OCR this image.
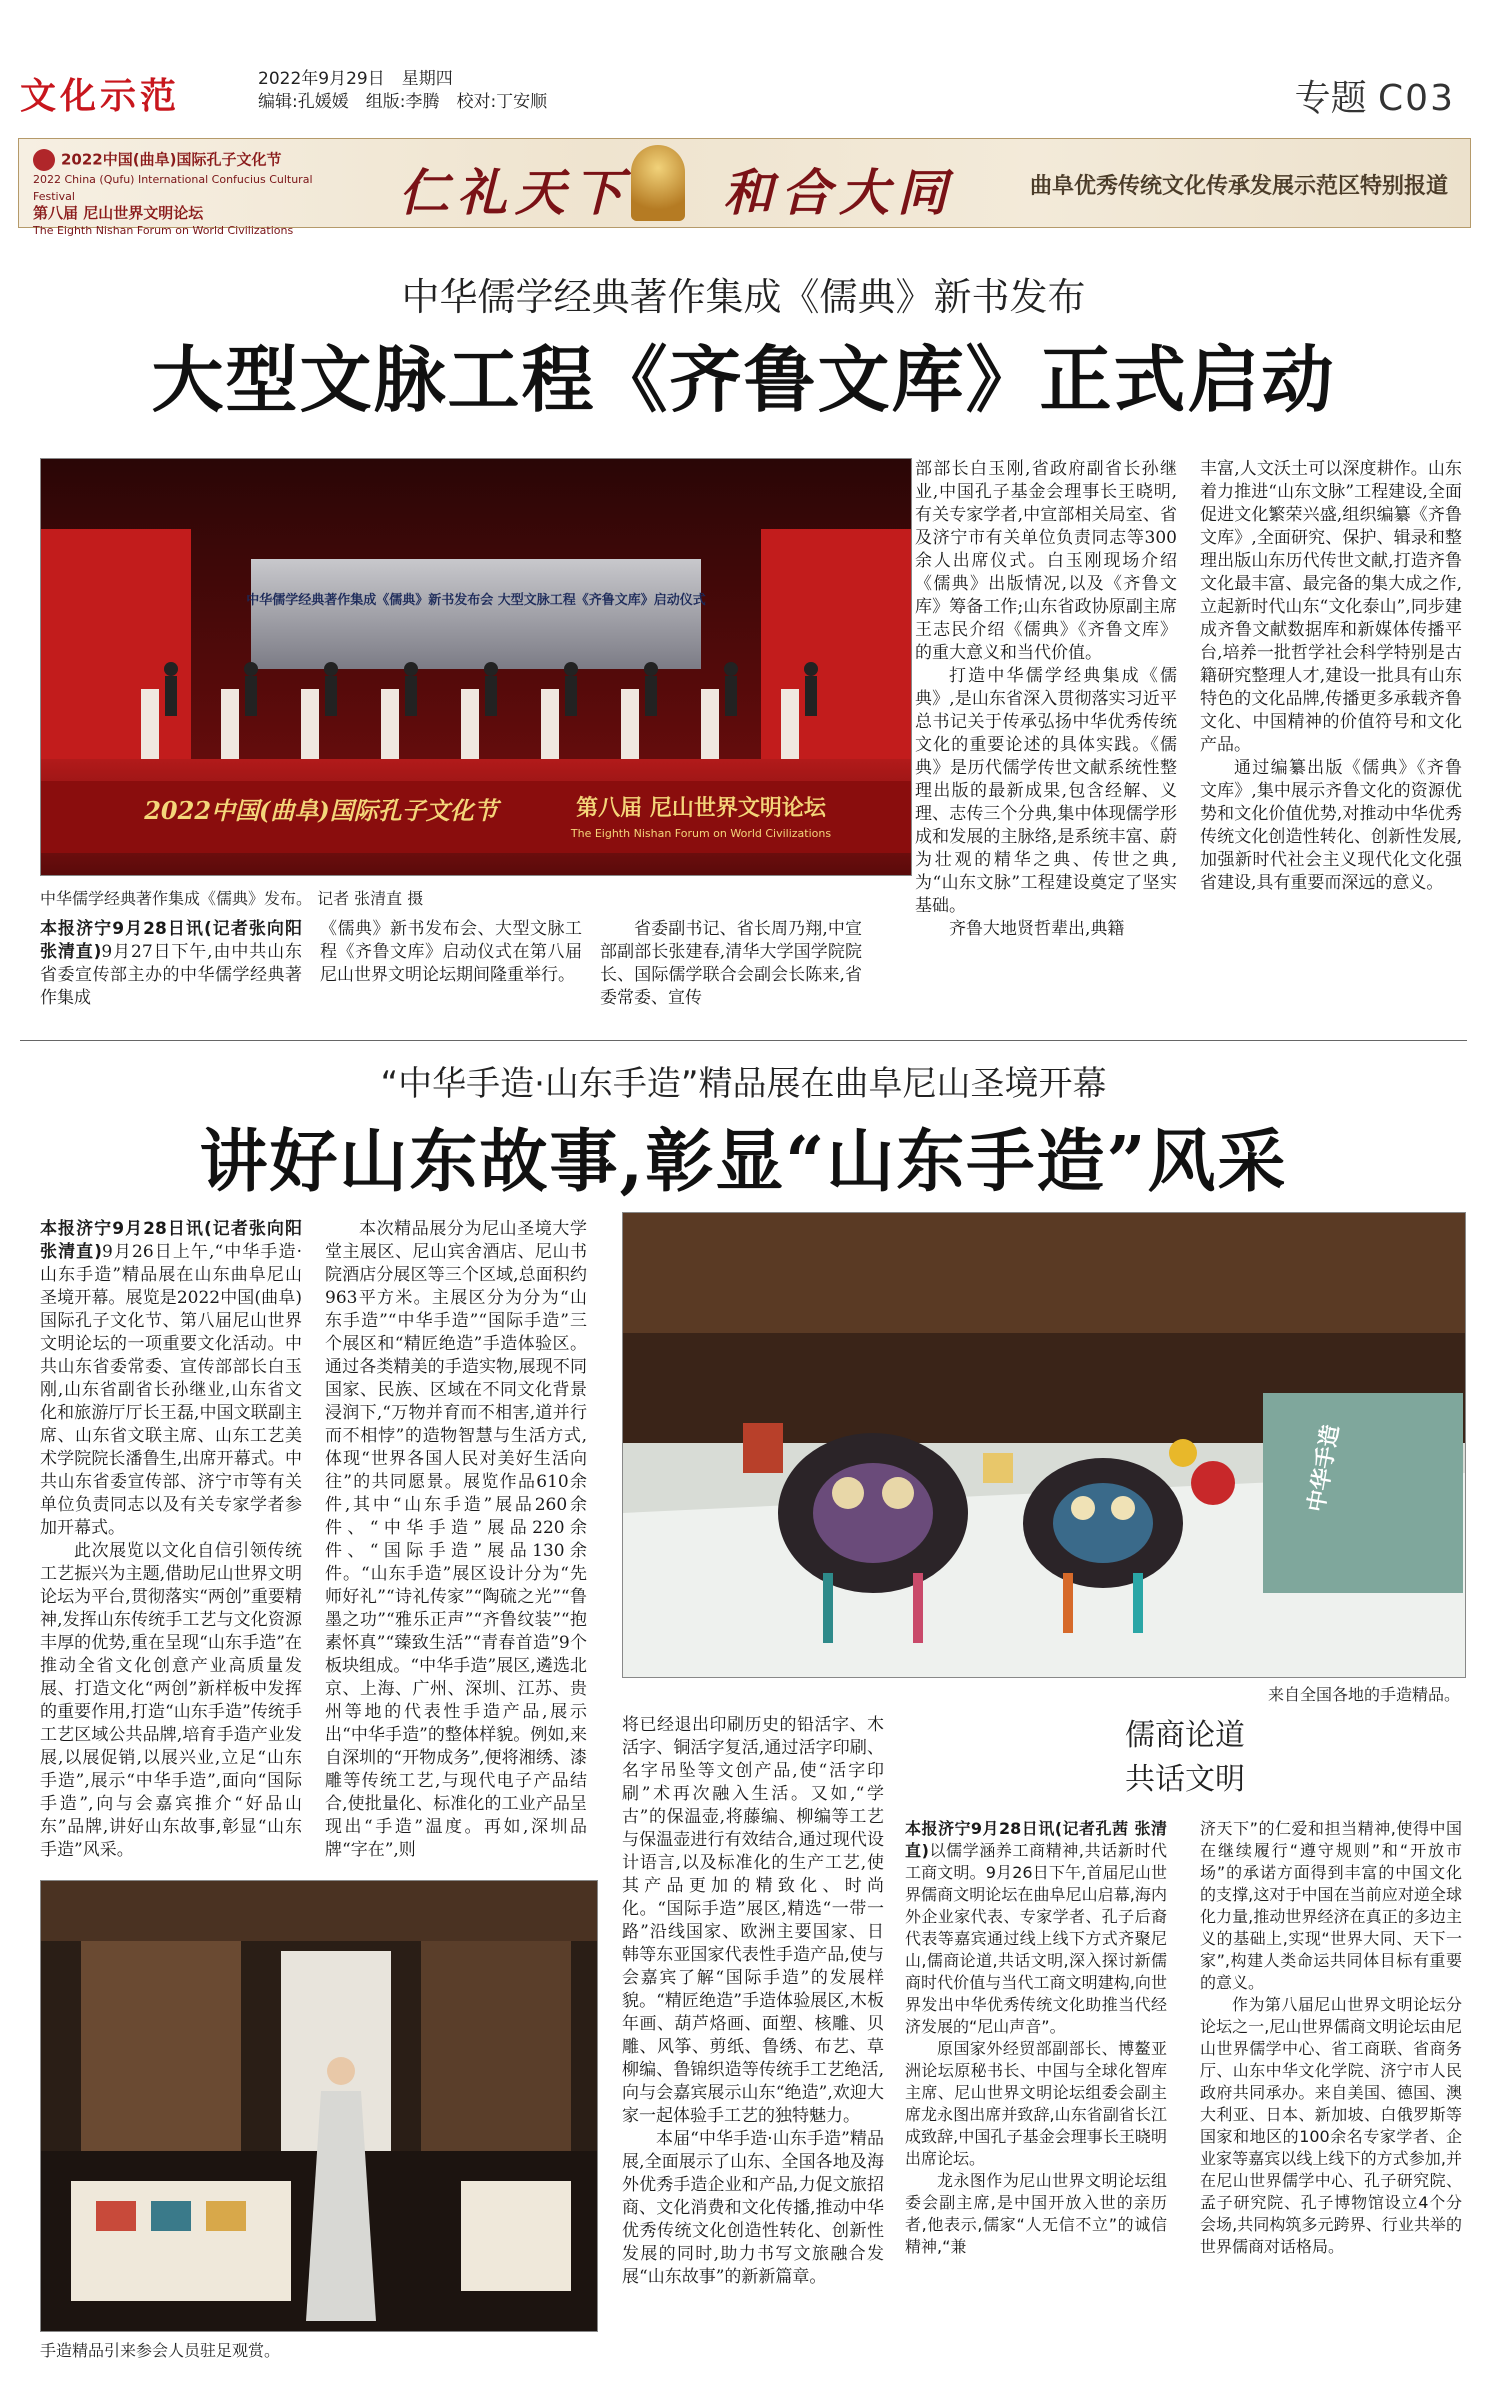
文化示范	2022年9月29日　星期四
编辑:孔媛媛　组版:李腾　校对:丁安顺	专题 C03
2022中国(曲阜)国际孔子文化节
2022 China (Qufu) International Confucius Cultural Festival
第八届 尼山世界文明论坛
The Eighth Nishan Forum on World Civilizations
仁礼天下 和合大同	曲阜优秀传统文化传承发展示范区特别报道
中华儒学经典著作集成《儒典》新书发布
大型文脉工程《齐鲁文库》正式启动
中华儒学经典著作集成《儒典》新书发布会 大型文脉工程《齐鲁文库》启动仪式
2022中国(曲阜)国际孔子文化节	第八届 尼山世界文明论坛
The Eighth Nishan Forum on World Civilizations
中华儒学经典著作集成《儒典》发布。 记者 张清直 摄

本报济宁9月28日讯(记者张向阳 张清直)9月27日下午,由中共山东省委宣传部主办的中华儒学经典著作集成

《儒典》新书发布会、大型文脉工程《齐鲁文库》启动仪式在第八届尼山世界文明论坛期间隆重举行。

省委副书记、省长周乃翔,中宣部副部长张建春,清华大学国学院院长、国际儒学联合会副会长陈来,省委常委、宣传

部部长白玉刚,省政府副省长孙继业,中国孔子基金会理事长王晓明,有关专家学者,中宣部相关局室、省及济宁市有关单位负责同志等300余人出席仪式。白玉刚现场介绍《儒典》出版情况,以及《齐鲁文库》筹备工作;山东省政协原副主席王志民介绍《儒典》《齐鲁文库》的重大意义和当代价值。

打造中华儒学经典集成《儒典》,是山东省深入贯彻落实习近平总书记关于传承弘扬中华优秀传统文化的重要论述的具体实践。《儒典》是历代儒学传世文献系统性整理出版的最新成果,包含经解、义理、志传三个分典,集中体现儒学形成和发展的主脉络,是系统丰富、蔚为壮观的精华之典、传世之典,为“山东文脉”工程建设奠定了坚实基础。

齐鲁大地贤哲辈出,典籍

丰富,人文沃土可以深度耕作。山东着力推进“山东文脉”工程建设,全面促进文化繁荣兴盛,组织编纂《齐鲁文库》,全面研究、保护、辑录和整理出版山东历代传世文献,打造齐鲁文化最丰富、最完备的集大成之作,立起新时代山东“文化泰山”,同步建成齐鲁文献数据库和新媒体传播平台,培养一批哲学社会科学特别是古籍研究整理人才,建设一批具有山东特色的文化品牌,传播更多承载齐鲁文化、中国精神的价值符号和文化产品。

通过编纂出版《儒典》《齐鲁文库》,集中展示齐鲁文化的资源优势和文化价值优势,对推动中华优秀传统文化创造性转化、创新性发展,加强新时代社会主义现代化文化强省建设,具有重要而深远的意义。

“中华手造·山东手造”精品展在曲阜尼山圣境开幕
讲好山东故事,彰显“山东手造”风采

本报济宁9月28日讯(记者张向阳 张清直)9月26日上午,“中华手造·山东手造”精品展在山东曲阜尼山圣境开幕。展览是2022中国(曲阜)国际孔子文化节、第八届尼山世界文明论坛的一项重要文化活动。中共山东省委常委、宣传部部长白玉刚,山东省副省长孙继业,山东省文化和旅游厅厅长王磊,中国文联副主席、山东省文联主席、山东工艺美术学院院长潘鲁生,出席开幕式。中共山东省委宣传部、济宁市等有关单位负责同志以及有关专家学者参加开幕式。

此次展览以文化自信引领传统工艺振兴为主题,借助尼山世界文明论坛为平台,贯彻落实“两创”重要精神,发挥山东传统手工艺与文化资源丰厚的优势,重在呈现“山东手造”在推动全省文化创意产业高质量发展、打造文化“两创”新样板中发挥的重要作用,打造“山东手造”传统手工艺区域公共品牌,培育手造产业发展,以展促销,以展兴业,立足“山东手造”,展示“中华手造”,面向“国际手造”,向与会嘉宾推介“好品山东”品牌,讲好山东故事,彰显“山东手造”风采。

本次精品展分为尼山圣境大学堂主展区、尼山宾舍酒店、尼山书院酒店分展区等三个区域,总面积约963平方米。主展区分为分为“山东手造”“中华手造”“国际手造”三个展区和“精匠绝造”手造体验区。通过各类精美的手造实物,展现不同国家、民族、区域在不同文化背景浸润下,“万物并育而不相害,道并行而不相悖”的造物智慧与生活方式,体现“世界各国人民对美好生活向往”的共同愿景。展览作品610余件,其中“山东手造”展品260余件、“中华手造”展品220余件、“国际手造”展品130余件。“山东手造”展区设计分为“先师好礼”“诗礼传家”“陶硫之光”“鲁墨之功”“雅乐正声”“齐鲁纹装”“抱素怀真”“臻致生活”“青春首造”9个板块组成。“中华手造”展区,遴选北京、上海、广州、深圳、江苏、贵州等地的代表性手造产品,展示出“中华手造”的整体样貌。例如,来自深圳的“开物成务”,便将湘绣、漆雕等传统工艺,与现代电子产品结合,使批量化、标准化的工业产品呈现出“手造”温度。再如,深圳品牌“字在”,则

中华手造
来自全国各地的手造精品。
手造精品引来参会人员驻足观赏。

将已经退出印刷历史的铅活字、木活字、铜活字复活,通过活字印刷、名字吊坠等文创产品,使“活字印刷”术再次融入生活。又如,“学古”的保温壶,将藤编、柳编等工艺与保温壶进行有效结合,通过现代设计语言,以及标准化的生产工艺,使其产品更加的精致化、时尚化。“国际手造”展区,精选“一带一路”沿线国家、欧洲主要国家、日韩等东亚国家代表性手造产品,使与会嘉宾了解“国际手造”的发展样貌。“精匠绝造”手造体验展区,木板年画、葫芦烙画、面塑、核雕、贝雕、风筝、剪纸、鲁绣、布艺、草柳编、鲁锦织造等传统手工艺绝活,向与会嘉宾展示山东“绝造”,欢迎大家一起体验手工艺的独特魅力。

本届“中华手造·山东手造”精品展,全面展示了山东、全国各地及海外优秀手造企业和产品,力促文旅招商、文化消费和文化传播,推动中华优秀传统文化创造性转化、创新性发展的同时,助力书写文旅融合发展“山东故事”的新新篇章。

儒商论道
共话文明

本报济宁9月28日讯(记者孔茜 张清直)以儒学涵养工商精神,共话新时代工商文明。9月26日下午,首届尼山世界儒商文明论坛在曲阜尼山启幕,海内外企业家代表、专家学者、孔子后裔代表等嘉宾通过线上线下方式齐聚尼山,儒商论道,共话文明,深入探讨新儒商时代价值与当代工商文明建构,向世界发出中华优秀传统文化助推当代经济发展的“尼山声音”。

原国家外经贸部副部长、博鳌亚洲论坛原秘书长、中国与全球化智库主席、尼山世界文明论坛组委会副主席龙永图出席并致辞,山东省副省长江成致辞,中国孔子基金会理事长王晓明出席论坛。

龙永图作为尼山世界文明论坛组委会副主席,是中国开放入世的亲历者,他表示,儒家“人无信不立”的诚信精神,“兼

济天下”的仁爱和担当精神,使得中国在继续履行“遵守规则”和“开放市场”的承诺方面得到丰富的中国文化的支撑,这对于中国在当前应对逆全球化力量,推动世界经济在真正的多边主义的基础上,实现“世界大同、天下一家”,构建人类命运共同体目标有重要的意义。

作为第八届尼山世界文明论坛分论坛之一,尼山世界儒商文明论坛由尼山世界儒学中心、省工商联、省商务厅、山东中华文化学院、济宁市人民政府共同承办。来自美国、德国、澳大利亚、日本、新加坡、白俄罗斯等国家和地区的100余名专家学者、企业家等嘉宾以线上线下的方式参加,并在尼山世界儒学中心、孔子研究院、孟子研究院、孔子博物馆设立4个分会场,共同构筑多元跨界、行业共举的世界儒商对话格局。
